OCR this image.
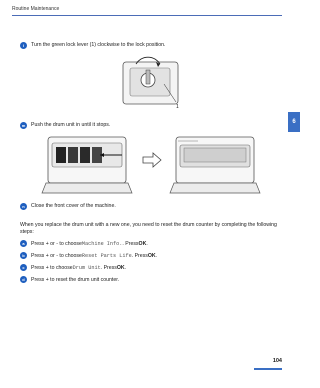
Routine Maintenance
6
l	Turn the green lock lever (1) clockwise to the lock position.
1
m	Push the drum unit in until it stops.
n	Close the front cover of the machine.
When you replace the drum unit with a new one, you need to reset the drum counter by completing the following steps:
a	Press + or - to choose Machine Info. . Press OK .
b	Press + or - to choose Reset Parts Life . Press OK .
c	Press + to choose Drum Unit . Press OK .
d	Press + to reset the drum unit counter.
104
